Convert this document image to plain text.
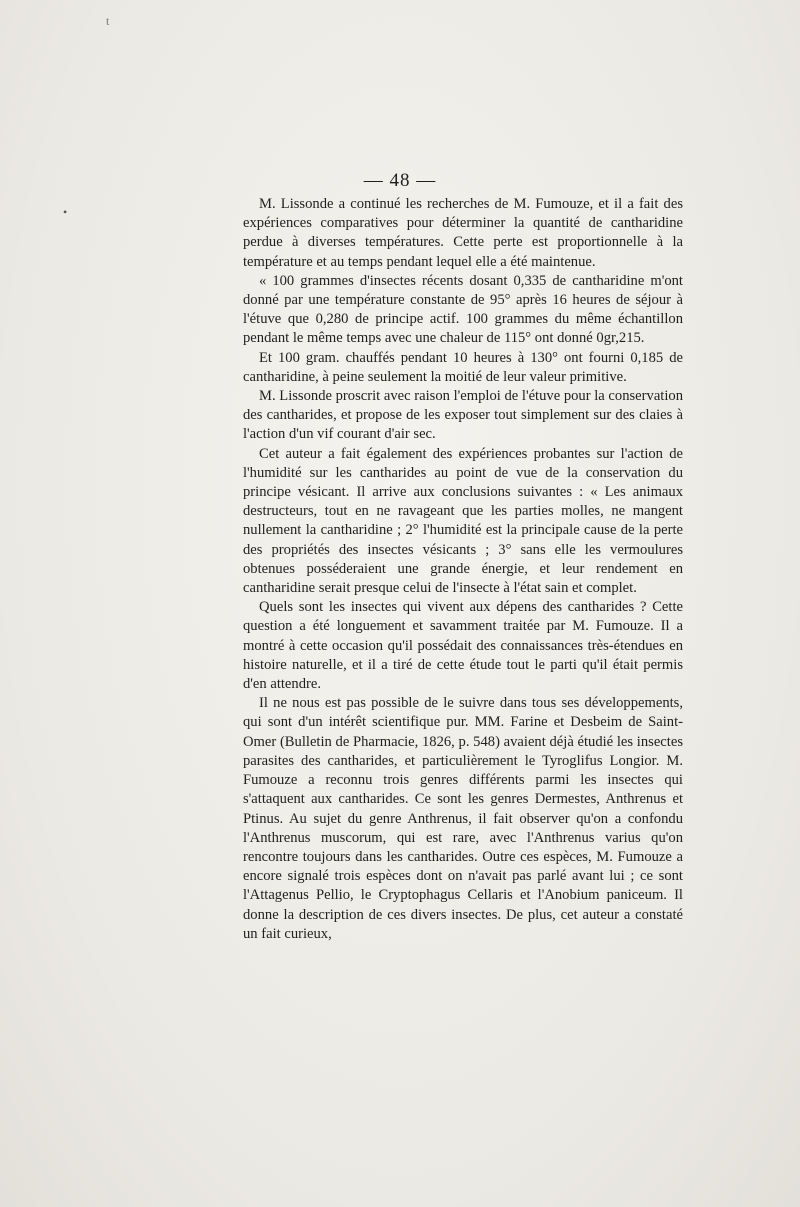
t
•
— 48 —

M. Lissonde a continué les recherches de M. Fumouze, et il a fait des expériences comparatives pour déterminer la quantité de cantharidine perdue à diverses températures. Cette perte est proportionnelle à la température et au temps pendant lequel elle a été maintenue.

« 100 grammes d'insectes récents dosant 0,335 de cantharidine m'ont donné par une température constante de 95° après 16 heures de séjour à l'étuve que 0,280 de principe actif. 100 grammes du même échantillon pendant le même temps avec une chaleur de 115° ont donné 0gr,215.

Et 100 gram. chauffés pendant 10 heures à 130° ont fourni 0,185 de cantharidine, à peine seulement la moitié de leur valeur primitive.

M. Lissonde proscrit avec raison l'emploi de l'étuve pour la conservation des cantharides, et propose de les exposer tout simplement sur des claies à l'action d'un vif courant d'air sec.

Cet auteur a fait également des expériences probantes sur l'action de l'humidité sur les cantharides au point de vue de la conservation du principe vésicant. Il arrive aux conclusions suivantes : « Les animaux destructeurs, tout en ne ravageant que les parties molles, ne mangent nullement la cantharidine ; 2° l'humidité est la principale cause de la perte des propriétés des insectes vésicants ; 3° sans elle les vermoulures obtenues posséderaient une grande énergie, et leur rendement en cantharidine serait presque celui de l'insecte à l'état sain et complet.

Quels sont les insectes qui vivent aux dépens des cantharides ? Cette question a été longuement et savamment traitée par M. Fumouze. Il a montré à cette occasion qu'il possédait des connaissances très-étendues en histoire naturelle, et il a tiré de cette étude tout le parti qu'il était permis d'en attendre.

Il ne nous est pas possible de le suivre dans tous ses développements, qui sont d'un intérêt scientifique pur. MM. Farine et Desbeim de Saint-Omer (Bulletin de Pharmacie, 1826, p. 548) avaient déjà étudié les insectes parasites des cantharides, et particulièrement le Tyroglifus Longior. M. Fumouze a reconnu trois genres différents parmi les insectes qui s'attaquent aux cantharides. Ce sont les genres Dermestes, Anthrenus et Ptinus. Au sujet du genre Anthrenus, il fait observer qu'on a confondu l'Anthrenus muscorum, qui est rare, avec l'Anthrenus varius qu'on rencontre toujours dans les cantharides. Outre ces espèces, M. Fumouze a encore signalé trois espèces dont on n'avait pas parlé avant lui ; ce sont l'Attagenus Pellio, le Cryptophagus Cellaris et l'Anobium paniceum. Il donne la description de ces divers insectes. De plus, cet auteur a constaté un fait curieux,
